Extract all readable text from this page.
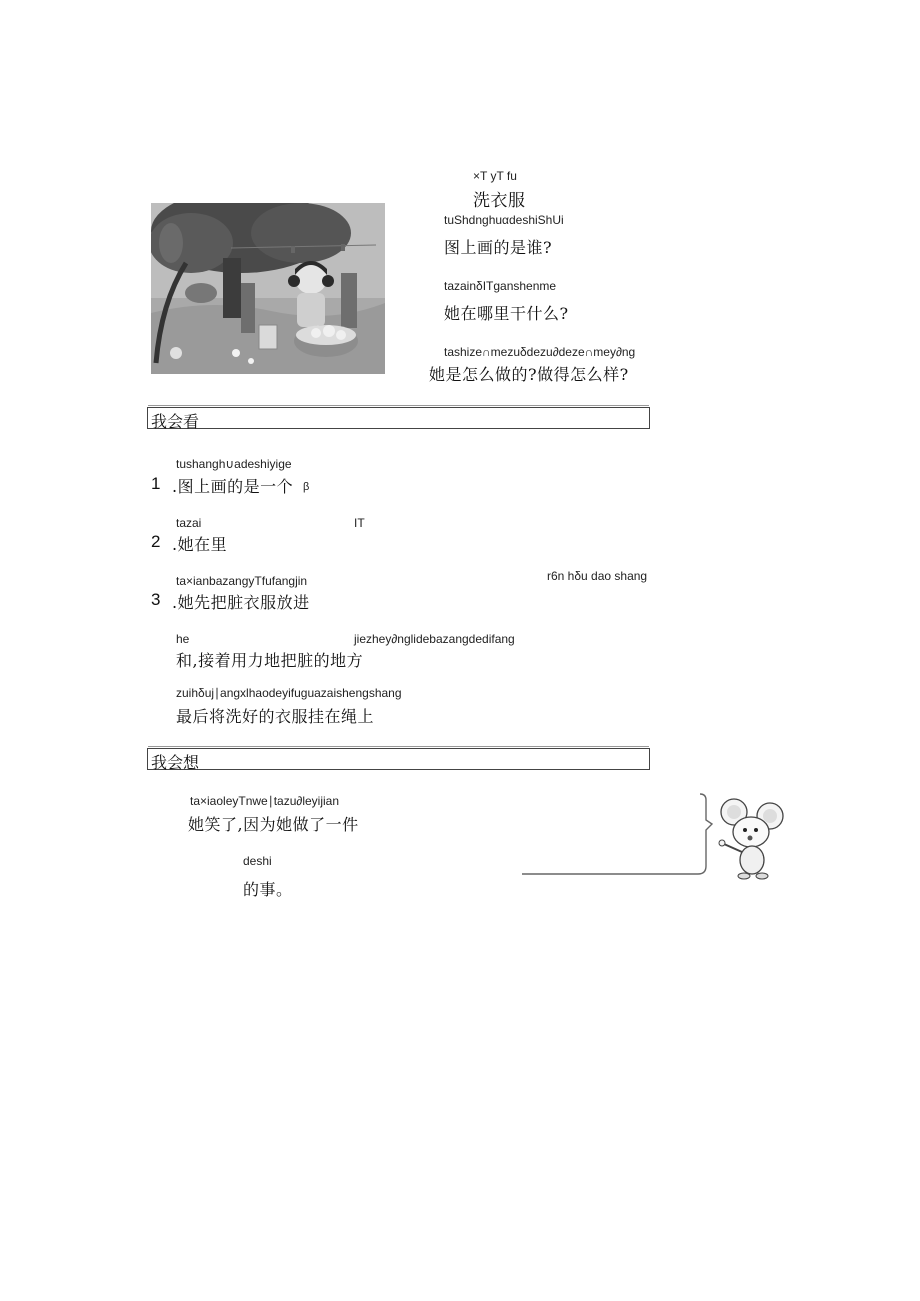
×T yT fu
洗衣服
tuShdnghuαdeshiShUi
图上画的是谁?
tazainδITganshenme
她在哪里干什么?
tashize∩mezuδdezu∂deze∩mey∂ng
她是怎么做的?做得怎么样?
我会看
tushangh∪adeshiyige
1 .图上画的是一个 β
tazai	IT
2 .她在里
ta×ianbazangyTfufangjin	r6n hδu dao shang
3 .她先把脏衣服放进
he	jiezhey∂nglidebazangdedifang
和,接着用力地把脏的地方
zuihδuj∣angxlhaodeyifuguazaishengshang
最后将洗好的衣服挂在绳上
我会想
ta×iaoleyTnwe∣tazu∂leyijian
她笑了,因为她做了一件
deshi
的事。
